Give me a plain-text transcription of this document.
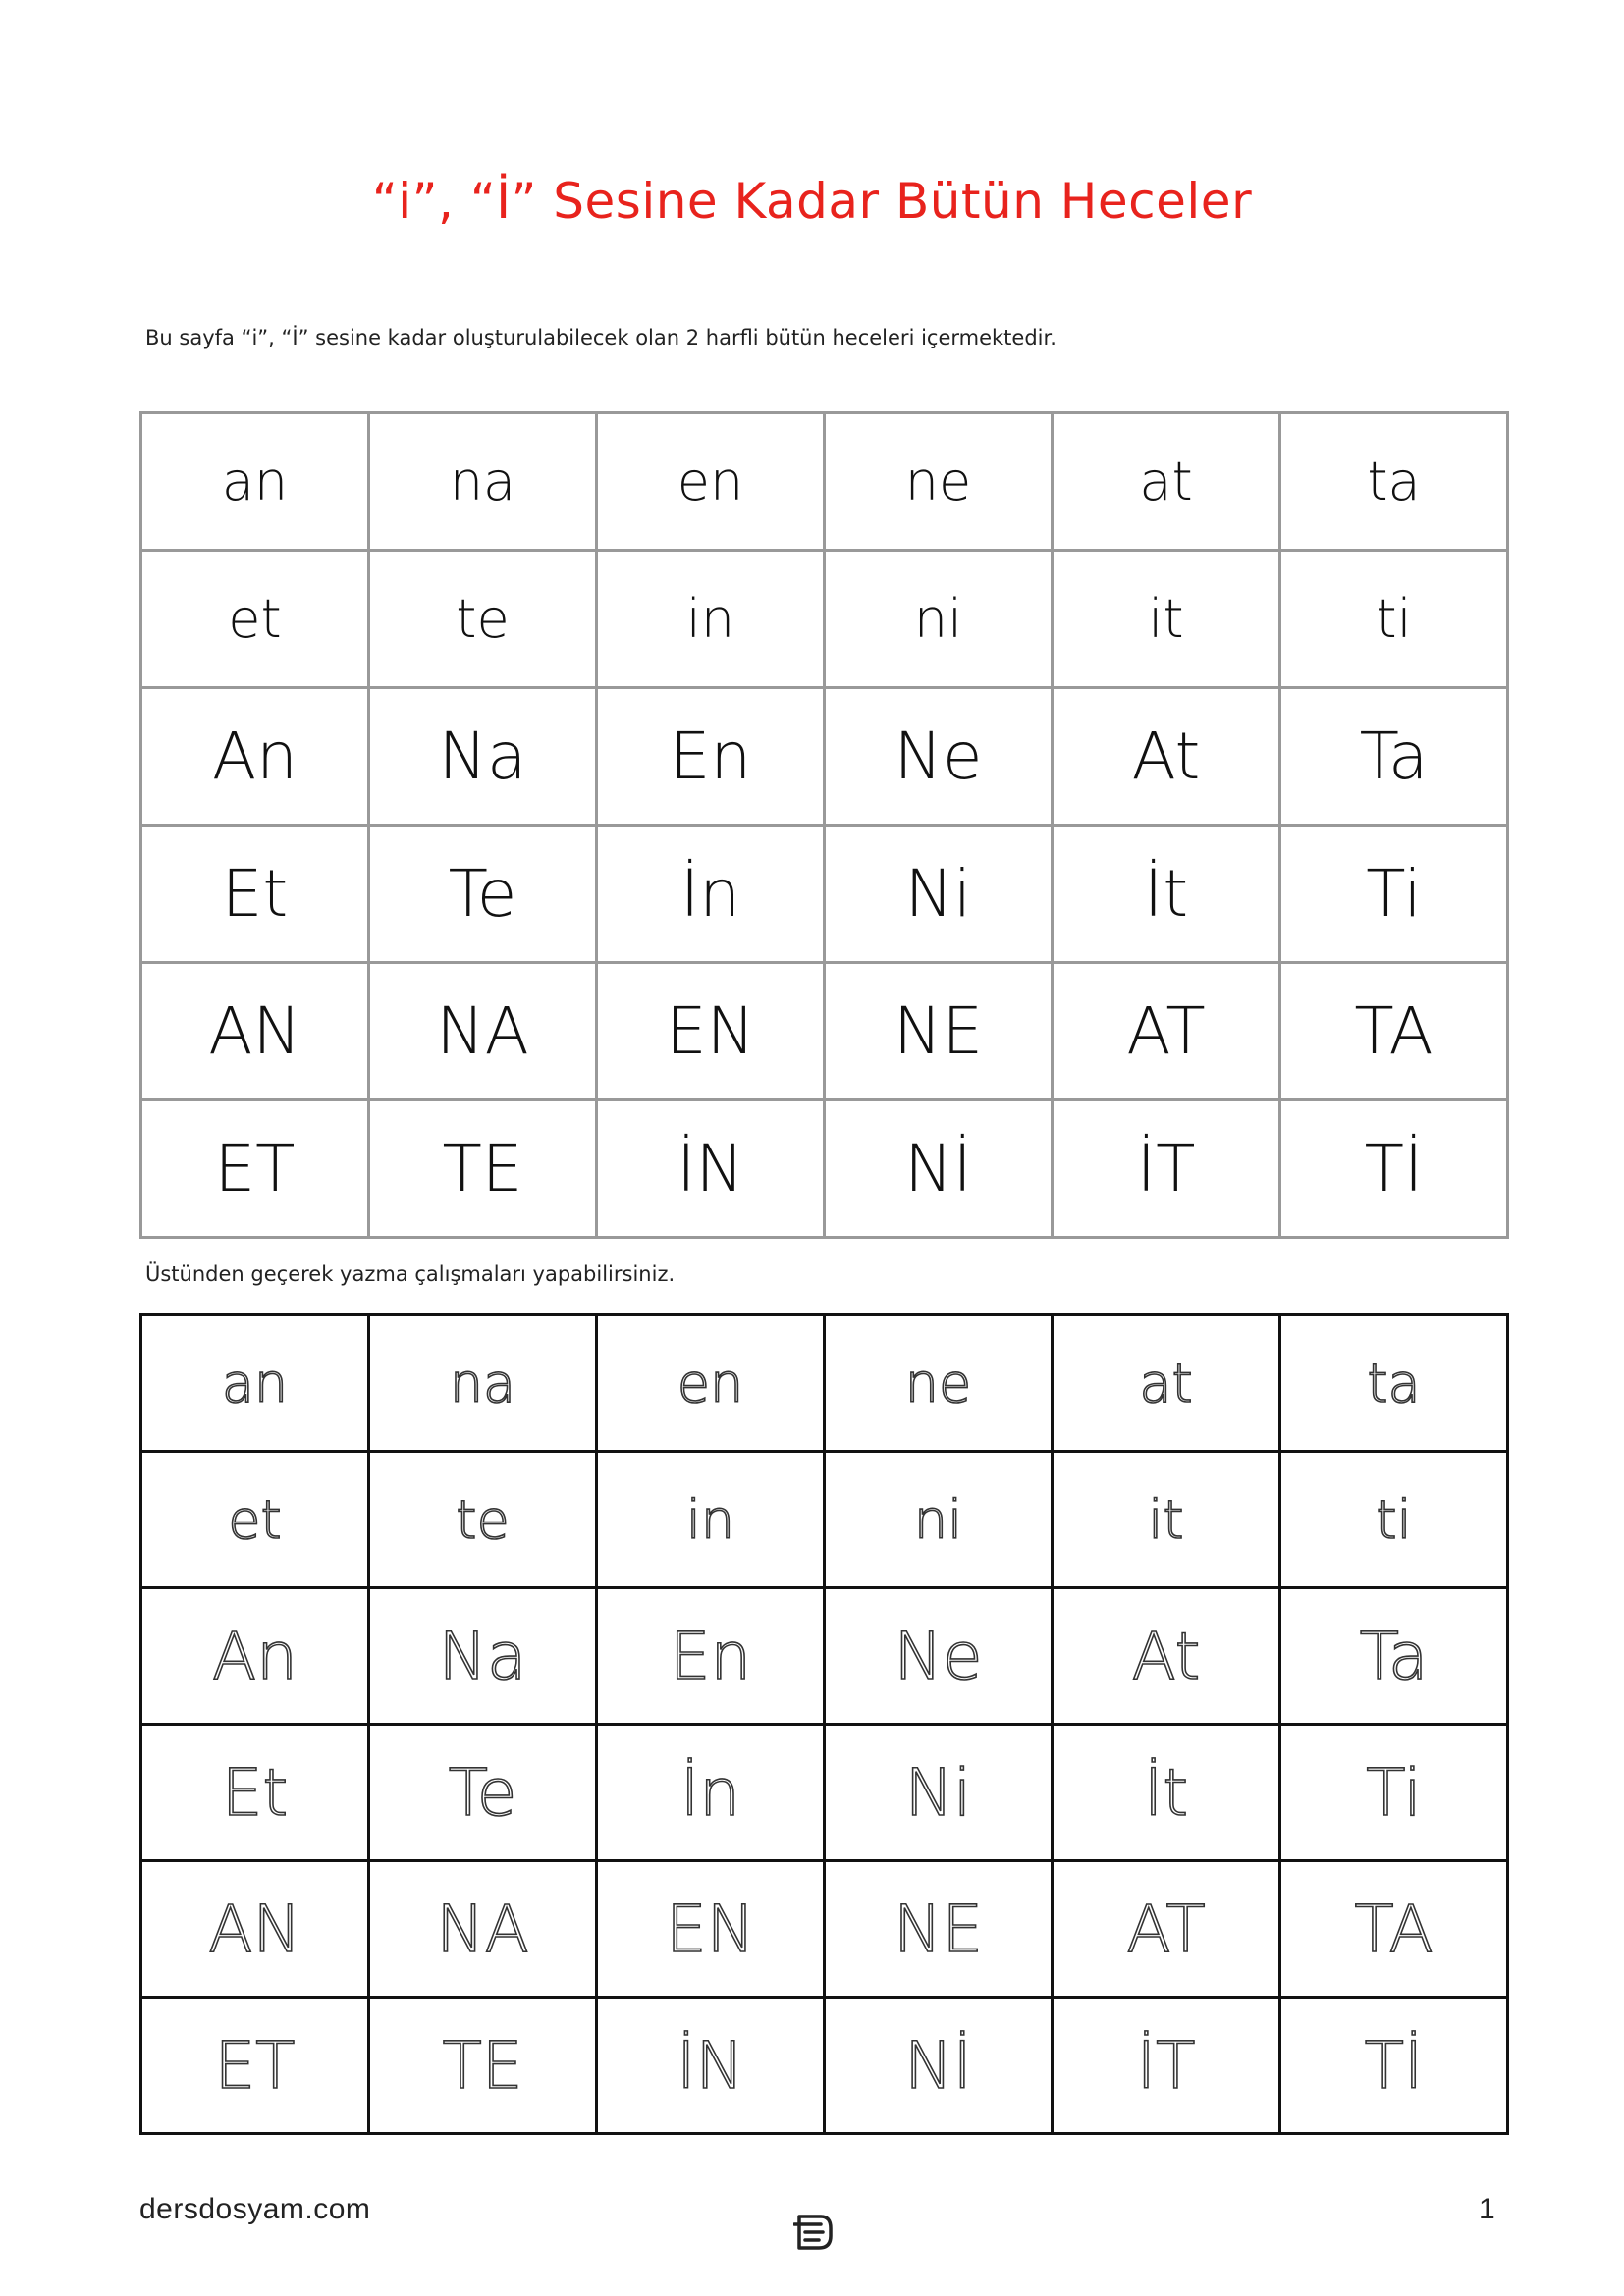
“i”, “İ” Sesine Kadar Bütün Heceler
Bu sayfa “i”, “İ” sesine kadar oluşturulabilecek olan 2 harfli bütün heceleri içermektedir.
an	na	en	ne	at	ta
et	te	in	ni	it	ti
An	Na	En	Ne	At	Ta
Et	Te	İn	Ni	İt	Ti
AN	NA	EN	NE	AT	TA
ET	TE	İN	Nİ	İT	Tİ
Üstünden geçerek yazma çalışmaları yapabilirsiniz.
an	na	en	ne	at	ta
et	te	in	ni	it	ti
An	Na	En	Ne	At	Ta
Et	Te	İn	Ni	İt	Ti
AN	NA	EN	NE	AT	TA
ET	TE	İN	Nİ	İT	Tİ
dersdosyam.com	1
